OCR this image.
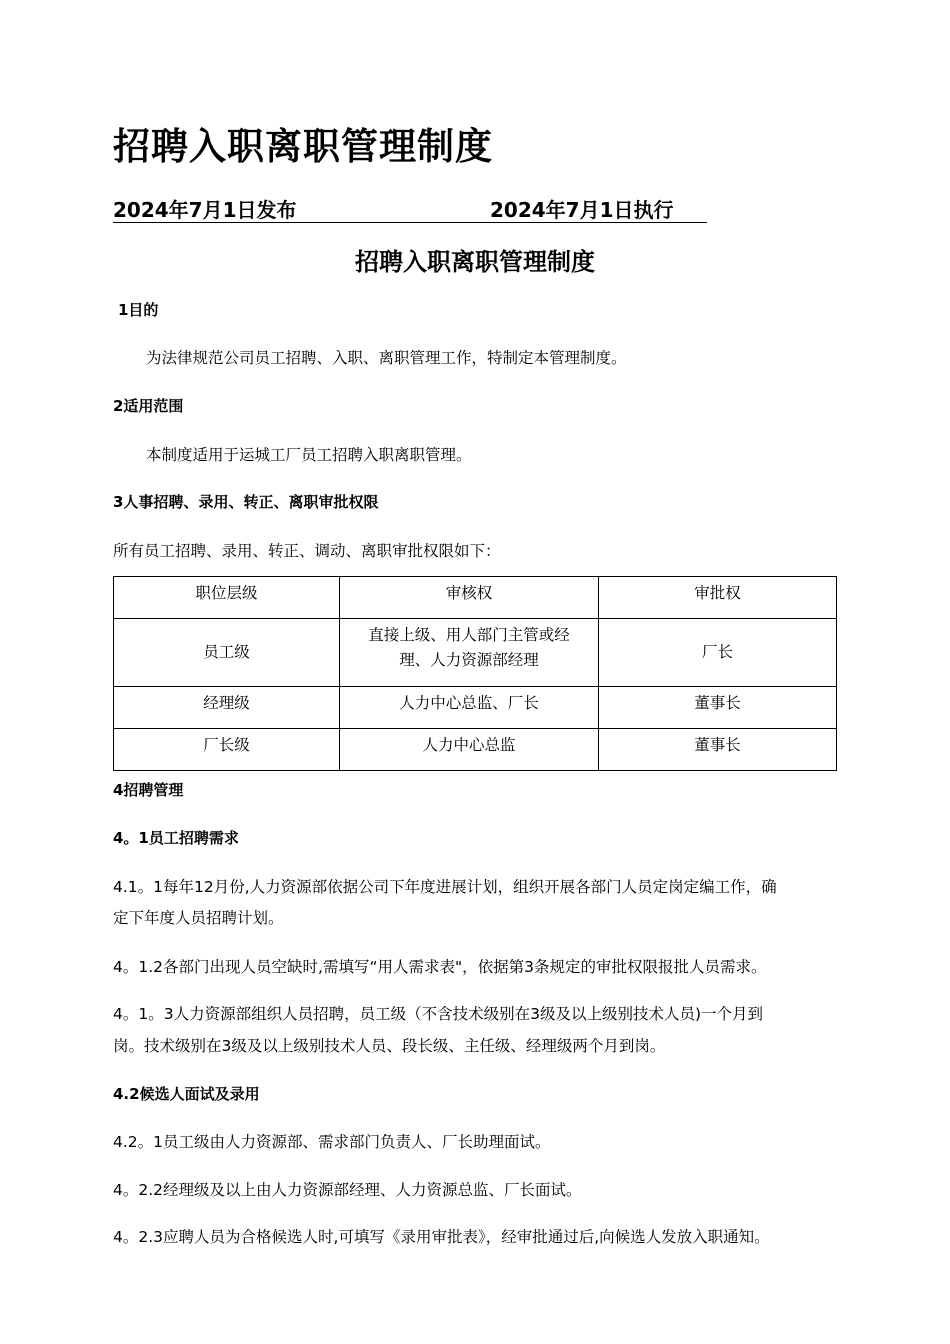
招聘入职离职管理制度
2024年7月1日发布	2024年7月1日执行
招聘入职离职管理制度
1目的
为法律规范公司员工招聘、入职、离职管理工作，特制定本管理制度。
2适用范围
本制度适用于运城工厂员工招聘入职离职管理。
3人事招聘、录用、转正、离职审批权限
所有员工招聘、录用、转正、调动、离职审批权限如下：
职位层级	审核权	审批权
员工级	直接上级、用人部门主管或经
理、人力资源部经理	厂长
经理级	人力中心总监、厂长	董事长
厂长级	人力中心总监	董事长
4招聘管理
4。1员工招聘需求
4.1。1每年12月份,人力资源部依据公司下年度进展计划，组织开展各部门人员定岗定编工作，确
定下年度人员招聘计划。
4。1.2各部门出现人员空缺时,需填写“用人需求表"，依据第3条规定的审批权限报批人员需求。
4。1。3人力资源部组织人员招聘，员工级（不含技术级别在3级及以上级别技术人员)一个月到
岗。技术级别在3级及以上级别技术人员、段长级、主任级、经理级两个月到岗。
4.2候选人面试及录用
4.2。1员工级由人力资源部、需求部门负责人、厂长助理面试。
4。2.2经理级及以上由人力资源部经理、人力资源总监、厂长面试。
4。2.3应聘人员为合格候选人时,可填写《录用审批表》，经审批通过后,向候选人发放入职通知。
